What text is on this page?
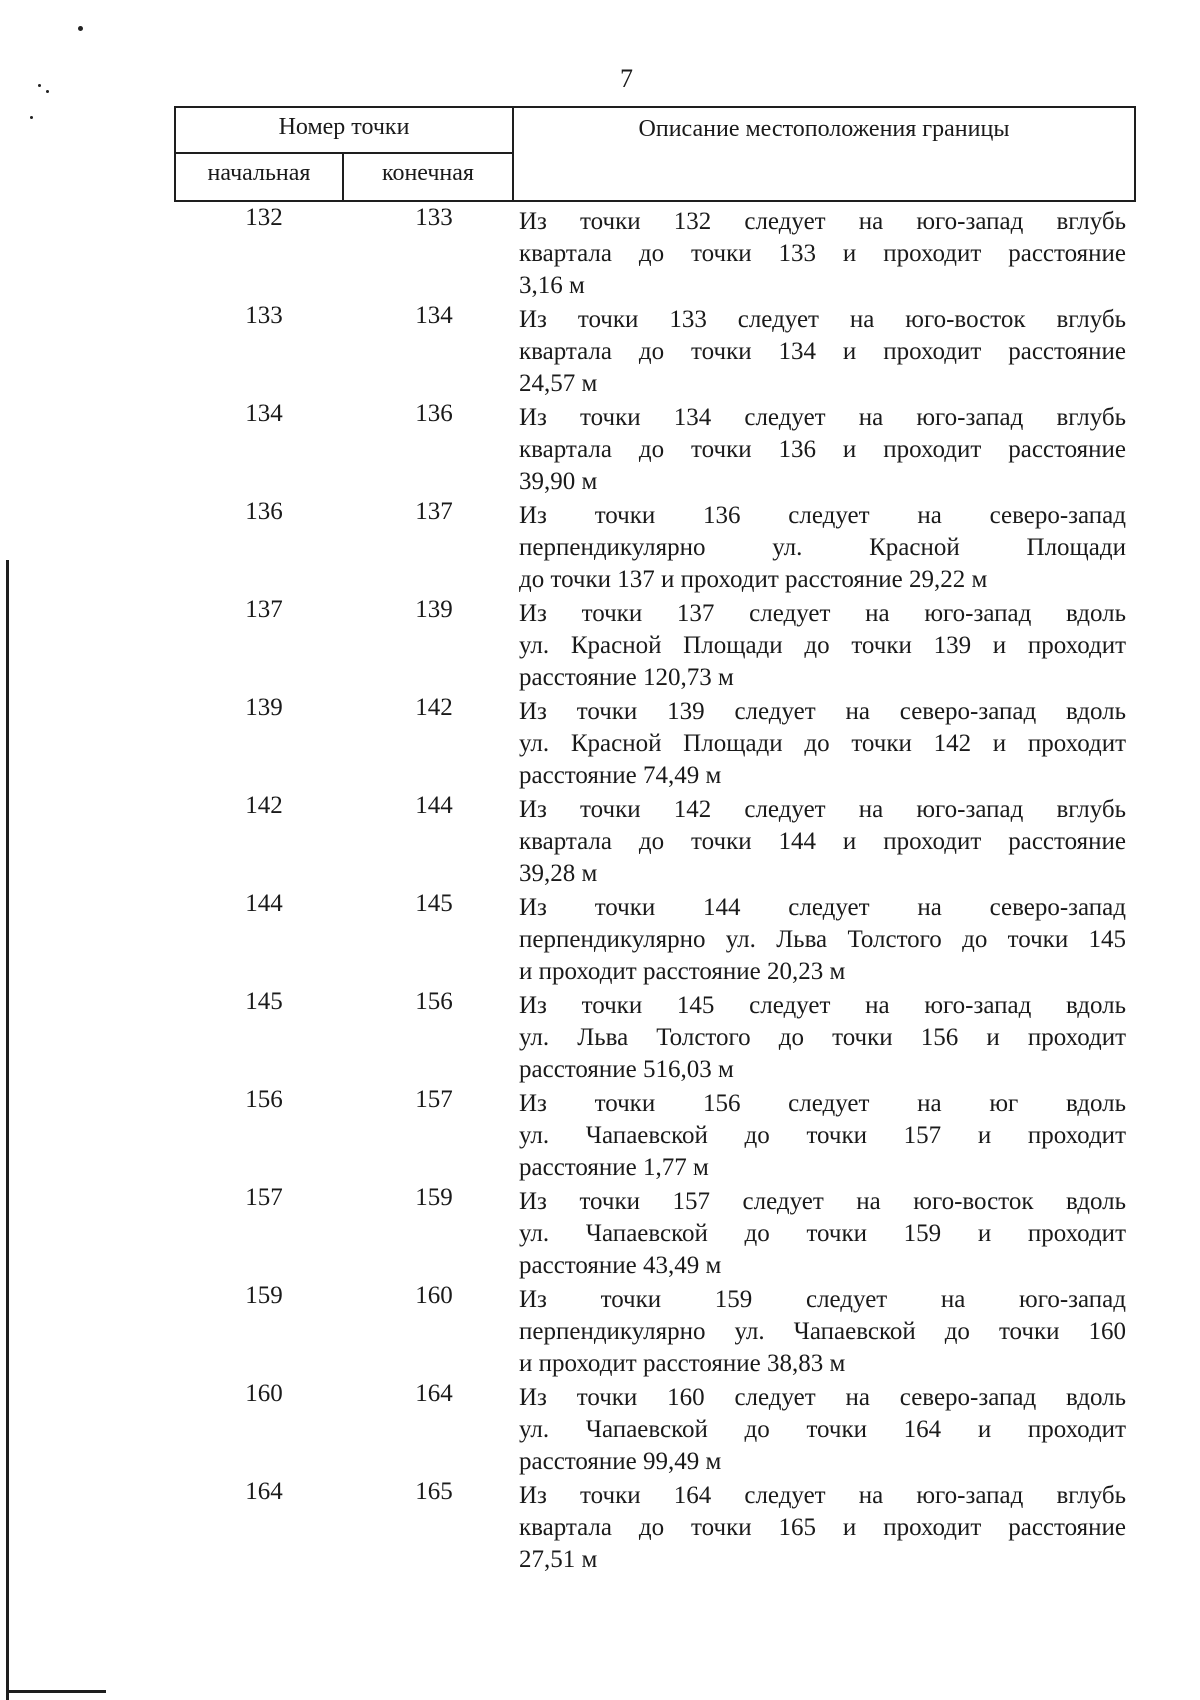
7
Номер точки	Описание местоположения границы
начальная	конечная
132	133	Из точки 132 следует на юго-запад вглубь
квартала до точки 133 и проходит расстояние
3,16 м
133	134	Из точки 133 следует на юго-восток вглубь
квартала до точки 134 и проходит расстояние
24,57 м
134	136	Из точки 134 следует на юго-запад вглубь
квартала до точки 136 и проходит расстояние
39,90 м
136	137	Из точки 136 следует на северо-запад
перпендикулярно ул. Красной Площади
до точки 137 и проходит расстояние 29,22 м
137	139	Из точки 137 следует на юго-запад вдоль
ул. Красной Площади до точки 139 и проходит
расстояние 120,73 м
139	142	Из точки 139 следует на северо-запад вдоль
ул. Красной Площади до точки 142 и проходит
расстояние 74,49 м
142	144	Из точки 142 следует на юго-запад вглубь
квартала до точки 144 и проходит расстояние
39,28 м
144	145	Из точки 144 следует на северо-запад
перпендикулярно ул. Льва Толстого до точки 145
и проходит расстояние 20,23 м
145	156	Из точки 145 следует на юго-запад вдоль
ул. Льва Толстого до точки 156 и проходит
расстояние 516,03 м
156	157	Из точки 156 следует на юг вдоль
ул. Чапаевской до точки 157 и проходит
расстояние 1,77 м
157	159	Из точки 157 следует на юго-восток вдоль
ул. Чапаевской до точки 159 и проходит
расстояние 43,49 м
159	160	Из точки 159 следует на юго-запад
перпендикулярно ул. Чапаевской до точки 160
и проходит расстояние 38,83 м
160	164	Из точки 160 следует на северо-запад вдоль
ул. Чапаевской до точки 164 и проходит
расстояние 99,49 м
164	165	Из точки 164 следует на юго-запад вглубь
квартала до точки 165 и проходит расстояние
27,51 м
